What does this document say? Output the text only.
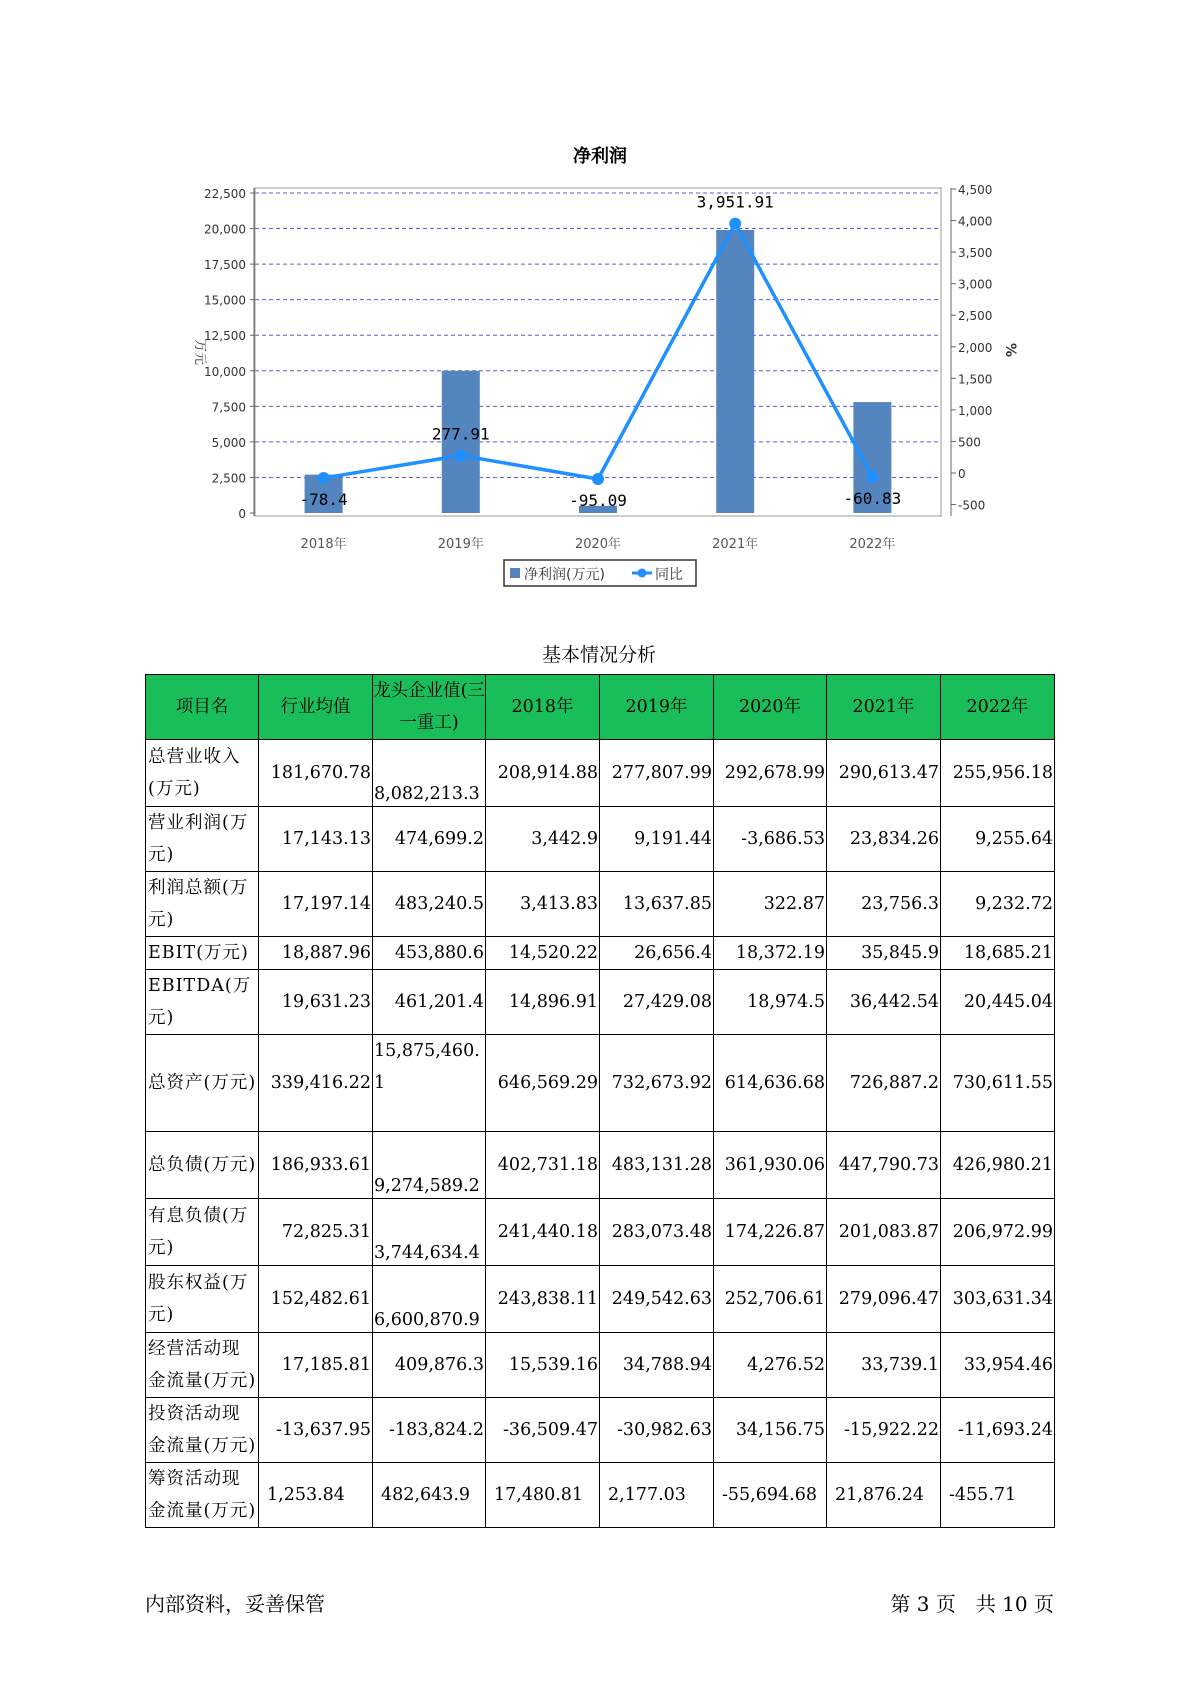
净利润
0
2,500
5,000
7,500
10,000
12,500
15,000
17,500
20,000
22,500
-500
0
500
1,000
1,500
2,000
2,500
3,000
3,500
4,000
4,500
2018年	2019年	2020年	2021年	2022年
-78.4
277.91
-95.09
3,951.91
-60.83
万元	%
净利润(万元)	同比
基本情况分析
项目名	行业均值	龙头企业值(三一重工)	2018年	2019年	2020年	2021年	2022年
总营业收入(万元)	181,670.78	8,082,213.3	208,914.88	277,807.99	292,678.99	290,613.47	255,956.18
营业利润(万元)	17,143.13	474,699.2	3,442.9	9,191.44	-3,686.53	23,834.26	9,255.64
利润总额(万元)	17,197.14	483,240.5	3,413.83	13,637.85	322.87	23,756.3	9,232.72
EBIT(万元)	18,887.96	453,880.6	14,520.22	26,656.4	18,372.19	35,845.9	18,685.21
EBITDA(万元)	19,631.23	461,201.4	14,896.91	27,429.08	18,974.5	36,442.54	20,445.04
总资产(万元)	339,416.22	15,875,460.1	646,569.29	732,673.92	614,636.68	726,887.2	730,611.55
总负债(万元)	186,933.61	9,274,589.2	402,731.18	483,131.28	361,930.06	447,790.73	426,980.21
有息负债(万元)	72,825.31	3,744,634.4	241,440.18	283,073.48	174,226.87	201,083.87	206,972.99
股东权益(万元)	152,482.61	6,600,870.9	243,838.11	249,542.63	252,706.61	279,096.47	303,631.34
经营活动现金流量(万元)	17,185.81	409,876.3	15,539.16	34,788.94	4,276.52	33,739.1	33,954.46
投资活动现金流量(万元)	-13,637.95	-183,824.2	-36,509.47	-30,982.63	34,156.75	-15,922.22	-11,693.24
筹资活动现金流量(万元)	1,253.84	482,643.9	17,480.81	2,177.03	-55,694.68	21,876.24	-455.71
内部资料，妥善保管	第 3 页　共 10 页
